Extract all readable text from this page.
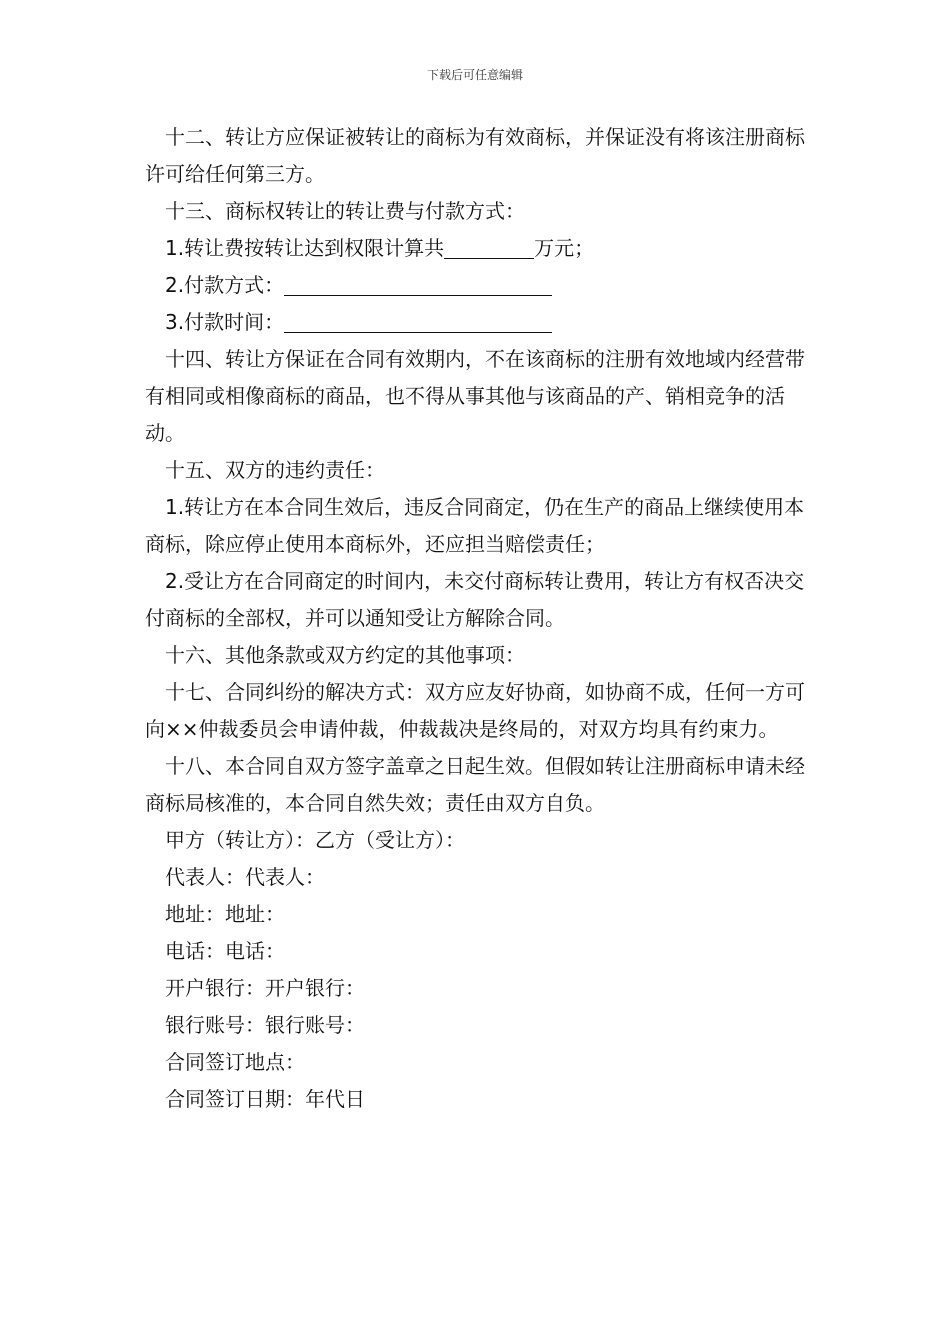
下载后可任意编辑

十二、转让方应保证被转让的商标为有效商标，并保证没有将该注册商标许可给任何第三方。

十三、商标权转让的转让费与付款方式：

1.转让费按转让达到权限计算共	万元；

2.付款方式：

3.付款时间：

十四、转让方保证在合同有效期内，不在该商标的注册有效地域内经营带有相同或相像商标的商品，也不得从事其他与该商品的产、销相竞争的活动。

十五、双方的违约责任：

1.转让方在本合同生效后，违反合同商定，仍在生产的商品上继续使用本商标，除应停止使用本商标外，还应担当赔偿责任；

2.受让方在合同商定的时间内，未交付商标转让费用，转让方有权否决交付商标的全部权，并可以通知受让方解除合同。

十六、其他条款或双方约定的其他事项：

十七、合同纠纷的解决方式：双方应友好协商，如协商不成，任何一方可向××仲裁委员会申请仲裁，仲裁裁决是终局的，对双方均具有约束力。

十八、本合同自双方签字盖章之日起生效。但假如转让注册商标申请未经商标局核准的，本合同自然失效；责任由双方自负。

甲方（转让方）：乙方（受让方）：

代表人：代表人：

地址：地址：

电话：电话：

开户银行：开户银行：

银行账号：银行账号：

合同签订地点：

合同签订日期：年代日
